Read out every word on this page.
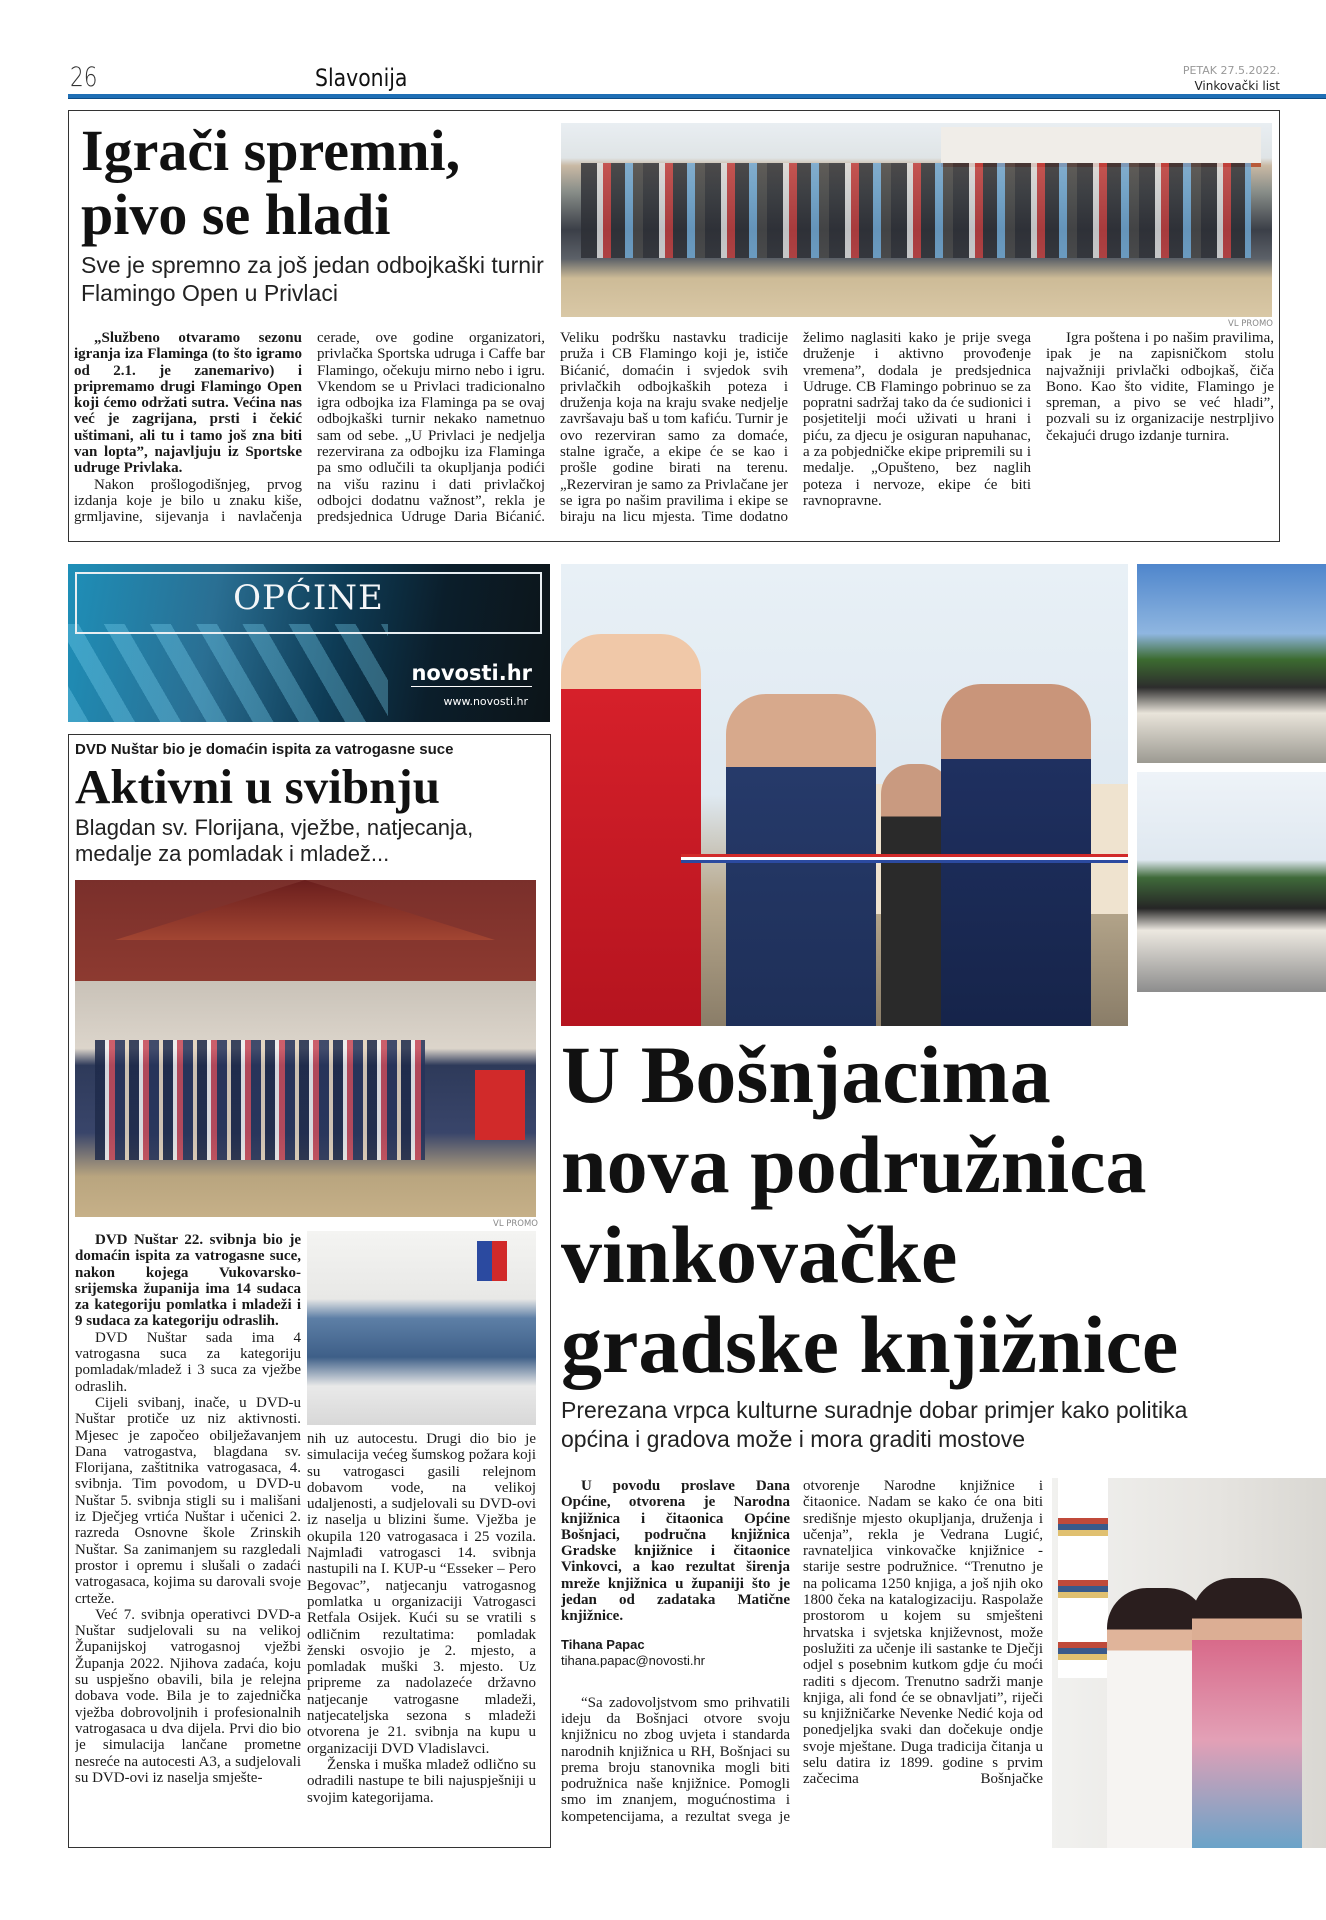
26	Slavonija	PETAK 27.5.2022.
Vinkovački list
Igrači spremni,
pivo se hladi
Sve je spremno za još jedan odbojkaški turnir Flamingo Open u Privlaci
VL PROMO

„Službeno otvaramo sezonu igranja iza Flaminga (to što igramo od 2.1. je zanemarivo) i pripremamo drugi Flamingo Open koji ćemo održati sutra. Većina nas već je zagrijana, prsti i čekić uštimani, ali tu i tamo još zna biti van lopta”, najavljuju iz Sportske udruge Privlaka.

Nakon prošlogodišnjeg, prvog izdanja koje je bilo u znaku kiše, grmljavine, sijevanja i navlačenja cerade, ove godine organizatori, privlačka Sportska udruga i Caffe bar Flamingo, očekuju mirno nebo i igru. Vkendom se u Privlaci tradicionalno igra odbojka iza Flaminga pa se ovaj odbojkaški turnir nekako nametnuo sam od sebe. „U Privlaci je nedjelja rezervirana za odbojku iza Flaminga pa smo odlučili ta okupljanja podići na višu razinu i dati privlačkoj odbojci dodatnu važnost”, rekla je predsjednica Udruge Daria Bićanić. Veliku podršku nastavku tradicije pruža i CB Flamingo koji je, ističe Bićanić, domaćin i svjedok svih privlačkih odbojkaških poteza i druženja koja na kraju svake nedjelje završavaju baš u tom kafiću. Turnir je ovo rezerviran samo za domaće, stalne igrače, a ekipe će se kao i prošle godine birati na terenu. „Rezerviran je samo za Privlačane jer se igra po našim pravilima i ekipe se biraju na licu mjesta. Time dodatno želimo naglasiti kako je prije svega druženje i aktivno provođenje vremena”, dodala je predsjednica Udruge. CB Flamingo pobrinuo se za popratni sadržaj tako da će sudionici i posjetitelji moći uživati u hrani i piću, za djecu je osiguran napuhanac, a za pobjedničke ekipe pripremili su i medalje. „Opušteno, bez naglih poteza i nervoze, ekipe će biti ravnopravne.

Igra poštena i po našim pravilima, ipak je na zapisničkom stolu najvažniji privlački odbojkaš, čiča Bono. Kao što vidite, Flamingo je spreman, a pivo se već hladi”, pozvali su iz organizacije nestrpljivo čekajući drugo izdanje turnira.

OPĆINE
novosti.hr
www.novosti.hr
DVD Nuštar bio je domaćin ispita za vatrogasne suce
Aktivni u svibnju
Blagdan sv. Florijana, vježbe, natjecanja, medalje za pomladak i mladež...
VL PROMO

DVD Nuštar 22. svibnja bio je domaćin ispita za vatrogasne suce, nakon kojega Vukovarsko-srijemska županija ima 14 sudaca za kategoriju pomlatka i mladeži i 9 sudaca za kategoriju odraslih.

DVD Nuštar sada ima 4 vatrogasna suca za kategoriju pomladak/mladež i 3 suca za vježbe odraslih.

Cijeli svibanj, inače, u DVD-u Nuštar protiče uz niz aktivnosti. Mjesec je započeo obilježavanjem Dana vatrogastva, blagdana sv. Florijana, zaštitnika vatrogasaca, 4. svibnja. Tim povodom, u DVD-u Nuštar 5. svibnja stigli su i mališani iz Dječjeg vrtića Nuštar i učenici 2. razreda Osnovne škole Zrinskih Nuštar. Sa zanimanjem su razgledali prostor i opremu i slušali o zadaći vatrogasaca, kojima su darovali svoje crteže.

Već 7. svibnja operativci DVD-a Nuštar sudjelovali su na velikoj Županijskoj vatrogasnoj vježbi Županja 2022. Njihova zadaća, koju su uspješno obavili, bila je relejna dobava vode. Bila je to zajednička vježba dobrovoljnih i profesionalnih vatrogasaca u dva dijela. Prvi dio bio je simulacija lančane prometne nesreće na autocesti A3, a sudjelovali su DVD-ovi iz naselja smješte-

nih uz autocestu. Drugi dio bio je simulacija većeg šumskog požara koji su vatrogasci gasili relejnom dobavom vode, na velikoj udaljenosti, a sudjelovali su DVD-ovi iz naselja u blizini šume. Vježba je okupila 120 vatrogasaca i 25 vozila. Najmlađi vatrogasci 14. svibnja nastupili na I. KUP-u “Esseker – Pero Begovac”, natjecanju vatrogasnog pomlatka u organizaciji Vatrogasci Retfala Osijek. Kući su se vratili s odličnim rezultatima: pomladak ženski osvojio je 2. mjesto, a pomladak muški 3. mjesto. Uz pripreme za nadolazeće državno natjecanje vatrogasne mladeži, natjecateljska sezona s mladeži otvorena je 21. svibnja na kupu u organizaciji DVD Vladislavci.

Ženska i muška mladež odlično su odradili nastupe te bili najuspješniji u svojim kategorijama.

U Bošnjacima
nova podružnica
vinkovačke
gradske knjižnice
Prerezana vrpca kulturne suradnje dobar primjer kako politika općina i gradova može i mora graditi mostove

U povodu proslave Dana Općine, otvorena je Narodna knjižnica i čitaonica Općine Bošnjaci, područna knjižnica Gradske knjižnice i čitaonice Vinkovci, a kao rezultat širenja mreže knjižnica u županiji što je jedan od zadataka Matične knjižnice.

Tihana Papac
tihana.papac@novosti.hr

“Sa zadovoljstvom smo prihvatili ideju da Bošnjaci otvore svoju knjižnicu no zbog uvjeta i standarda narodnih knjižnica u RH, Bošnjaci su prema broju stanovnika mogli biti podružnica naše knjižnice. Pomogli smo im znanjem, mogućnostima i kompetencijama, a rezultat svega je

otvorenje Narodne knjižnice i čitaonice. Nadam se kako će ona biti središnje mjesto okupljanja, druženja i učenja”, rekla je Vedrana Lugić, ravnateljica vinkovačke knjižnice - starije sestre podružnice. “Trenutno je na policama 1250 knjiga, a još njih oko 1800 čeka na katalogizaciju. Raspolaže prostorom u kojem su smješteni hrvatska i svjetska književnost, može poslužiti za učenje ili sastanke te Dječji odjel s posebnim kutkom gdje ću moći raditi s djecom. Trenutno sadrži manje knjiga, ali fond će se obnavljati”, riječi su knjižničarke Nevenke Nedić koja od ponedjeljka svaki dan dočekuje ondje svoje mještane. Duga tradicija čitanja u selu datira iz 1899. godine s prvim začecima Bošnjačke
